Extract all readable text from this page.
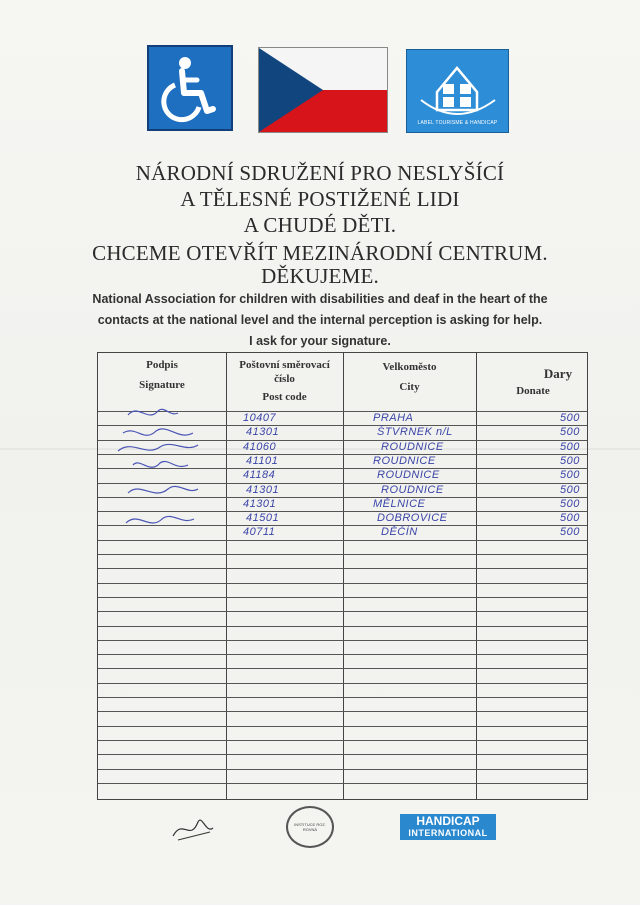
LABEL TOURISME & HANDICAP
NÁRODNÍ SDRUŽENÍ PRO NESLYŠÍCÍ
A TĚLESNÉ POSTIŽENÉ LIDI
A CHUDÉ DĚTI.
CHCEME OTEVŘÍT MEZINÁRODNÍ CENTRUM.
DĚKUJEME.
National Association for children with disabilities and deaf in the heart of the
contacts at the national level and the internal perception is asking for help.
I ask for your signature.
Podpis
Signature
Poštovní směrovací
číslo
Post code
Velkoměsto
City
Dary
Donate
10407	PRAHA	500
41301	ŠTVRNEK n/L	500
41060	ROUDNICE	500
41101	ROUDNICE	500
41184	ROUDNICE	500
41301	ROUDNICE	500
41301	MĚLNICE	500
41501	DOBROVICE	500
40711	DĚČÍN	500
INSTITUCE ROZ. ROVNÁ
HANDICAP
INTERNATIONAL
